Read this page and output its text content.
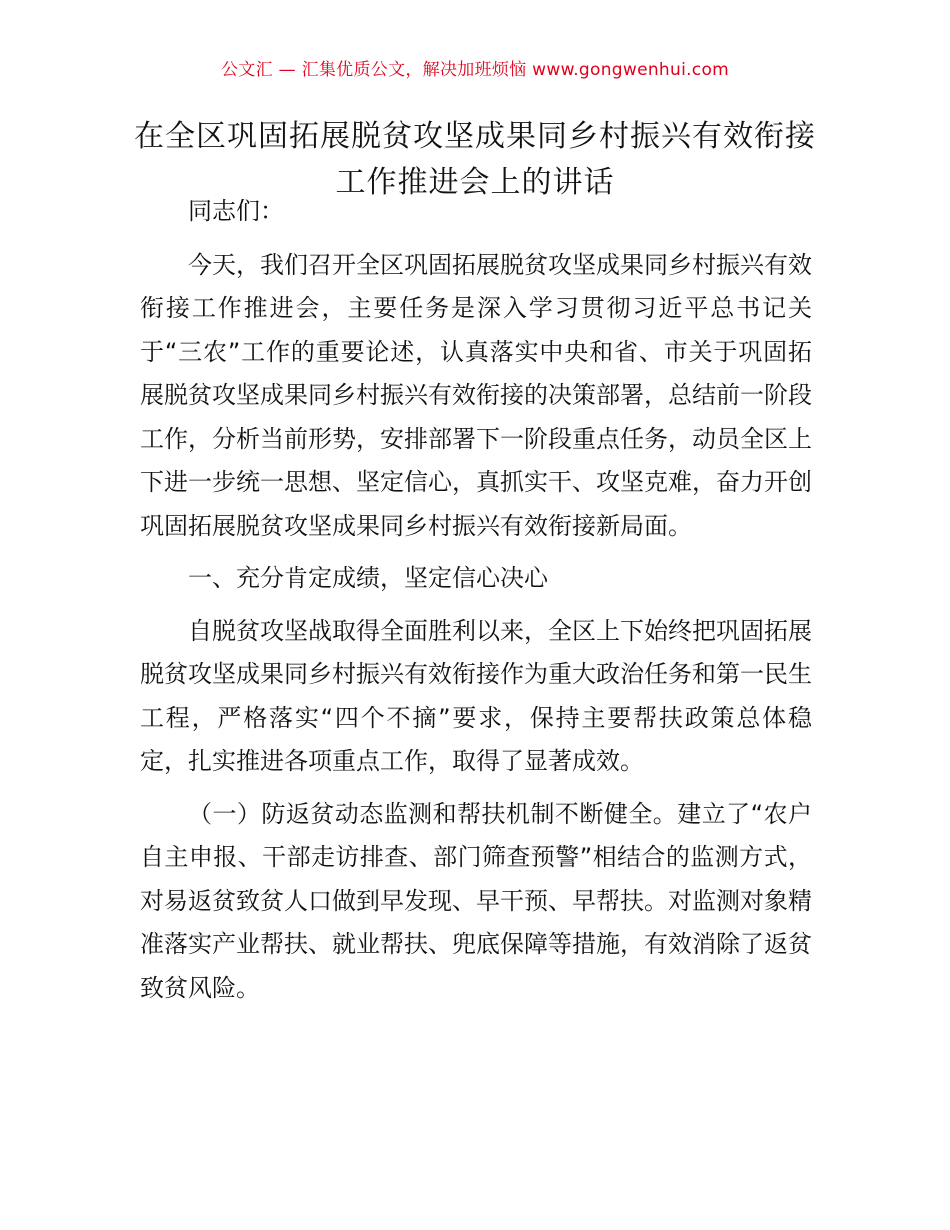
公文汇 — 汇集优质公文，解决加班烦恼 www.gongwenhui.com
在全区巩固拓展脱贫攻坚成果同乡村振兴有效衔接工作推进会上的讲话

同志们：

今天，我们召开全区巩固拓展脱贫攻坚成果同乡村振兴有效衔接工作推进会，主要任务是深入学习贯彻习近平总书记关于“三农”工作的重要论述，认真落实中央和省、市关于巩固拓展脱贫攻坚成果同乡村振兴有效衔接的决策部署，总结前一阶段工作，分析当前形势，安排部署下一阶段重点任务，动员全区上下进一步统一思想、坚定信心，真抓实干、攻坚克难，奋力开创巩固拓展脱贫攻坚成果同乡村振兴有效衔接新局面。

一、充分肯定成绩，坚定信心决心

自脱贫攻坚战取得全面胜利以来，全区上下始终把巩固拓展脱贫攻坚成果同乡村振兴有效衔接作为重大政治任务和第一民生工程，严格落实“四个不摘”要求，保持主要帮扶政策总体稳定，扎实推进各项重点工作，取得了显著成效。

（一）防返贫动态监测和帮扶机制不断健全。建立了“农户自主申报、干部走访排查、部门筛查预警”相结合的监测方式，对易返贫致贫人口做到早发现、早干预、早帮扶。对监测对象精准落实产业帮扶、就业帮扶、兜底保障等措施，有效消除了返贫致贫风险。
